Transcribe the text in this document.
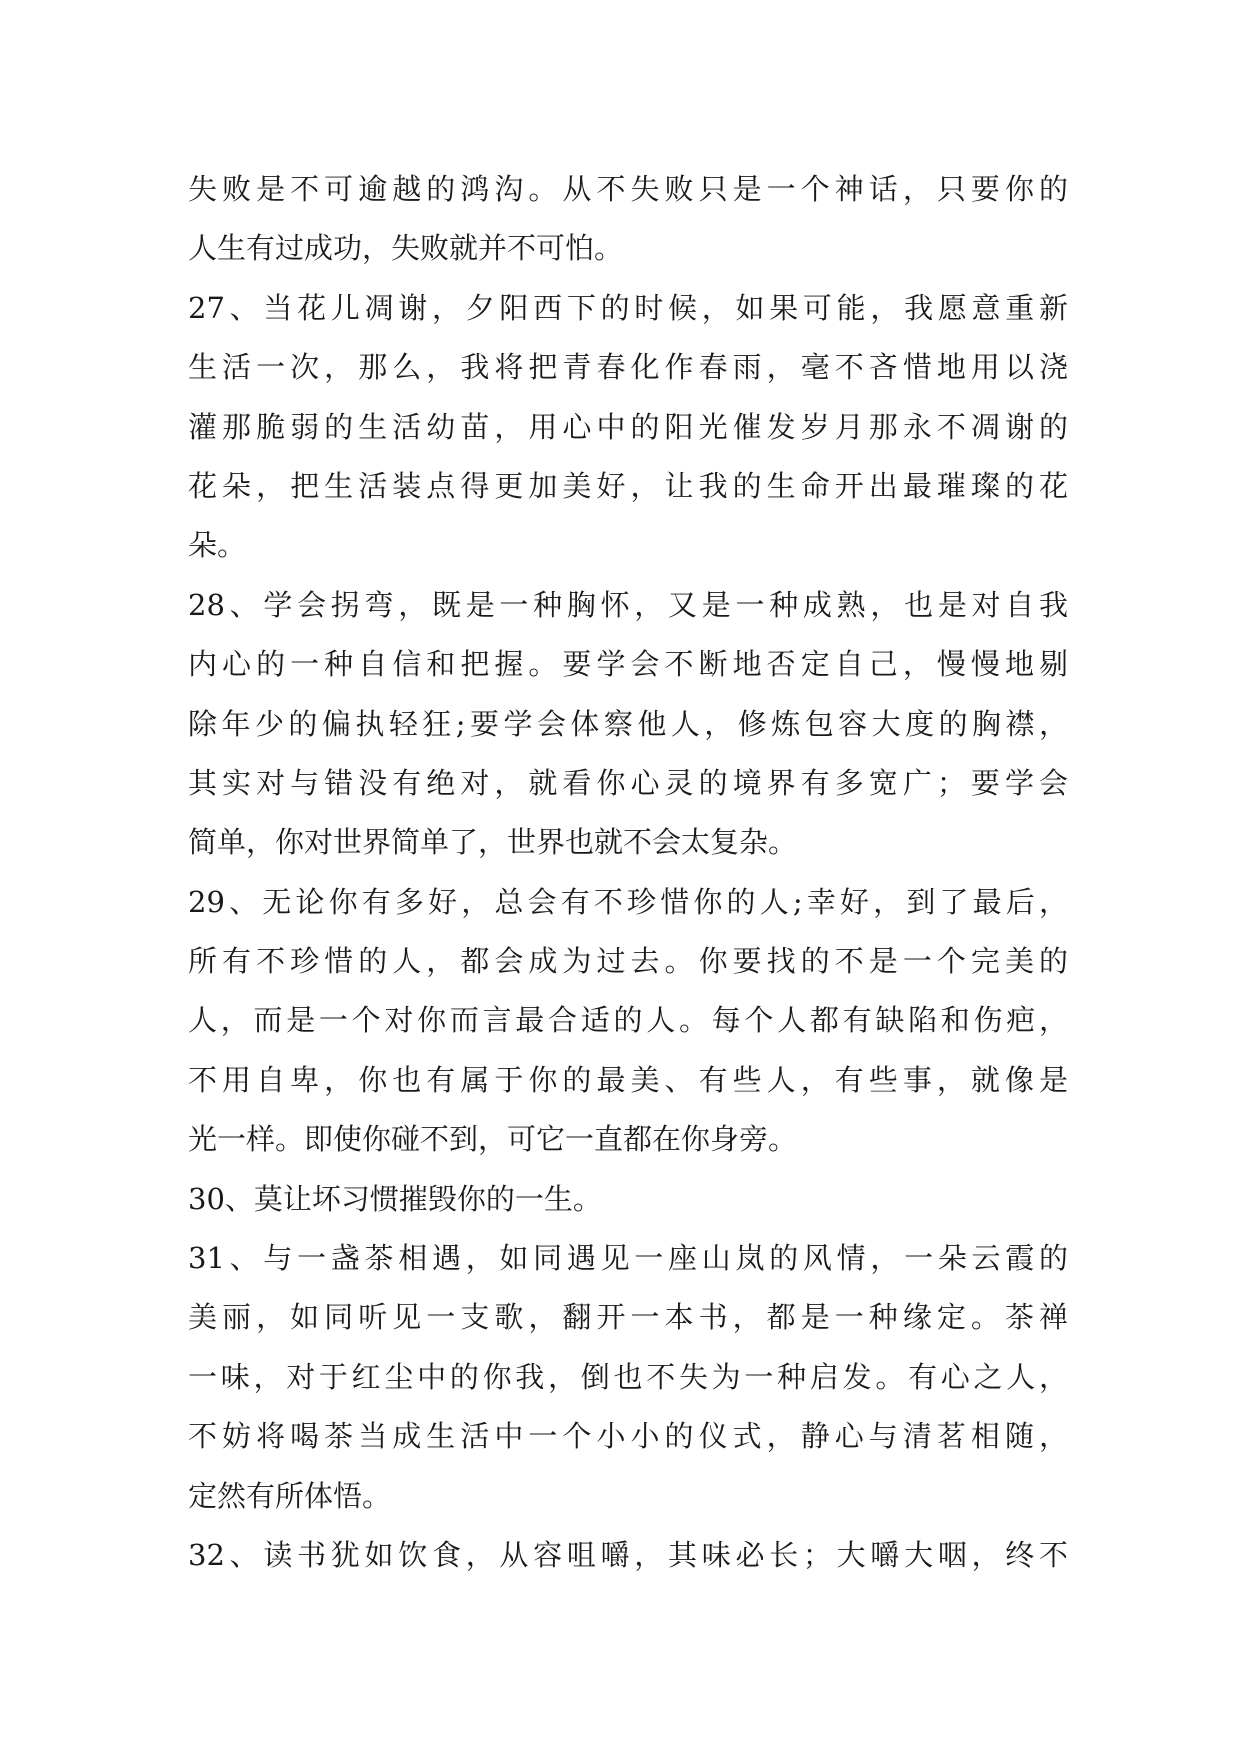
失败是不可逾越的鸿沟。从不失败只是一个神话，只要你的
人生有过成功，失败就并不可怕。
27、当花儿凋谢，夕阳西下的时候，如果可能，我愿意重新
生活一次，那么，我将把青春化作春雨，毫不吝惜地用以浇
灌那脆弱的生活幼苗，用心中的阳光催发岁月那永不凋谢的
花朵，把生活装点得更加美好，让我的生命开出最璀璨的花
朵。
28、学会拐弯，既是一种胸怀，又是一种成熟，也是对自我
内心的一种自信和把握。要学会不断地否定自己，慢慢地剔
除年少的偏执轻狂;要学会体察他人，修炼包容大度的胸襟，
其实对与错没有绝对，就看你心灵的境界有多宽广；要学会
简单，你对世界简单了，世界也就不会太复杂。
29、无论你有多好，总会有不珍惜你的人;幸好，到了最后，
所有不珍惜的人，都会成为过去。你要找的不是一个完美的
人，而是一个对你而言最合适的人。每个人都有缺陷和伤疤，
不用自卑，你也有属于你的最美、有些人，有些事，就像是
光一样。即使你碰不到，可它一直都在你身旁。
30、莫让坏习惯摧毁你的一生。
31、与一盏茶相遇，如同遇见一座山岚的风情，一朵云霞的
美丽，如同听见一支歌，翻开一本书，都是一种缘定。茶禅
一味，对于红尘中的你我，倒也不失为一种启发。有心之人，
不妨将喝茶当成生活中一个小小的仪式，静心与清茗相随，
定然有所体悟。
32、读书犹如饮食，从容咀嚼，其味必长；大嚼大咽，终不
